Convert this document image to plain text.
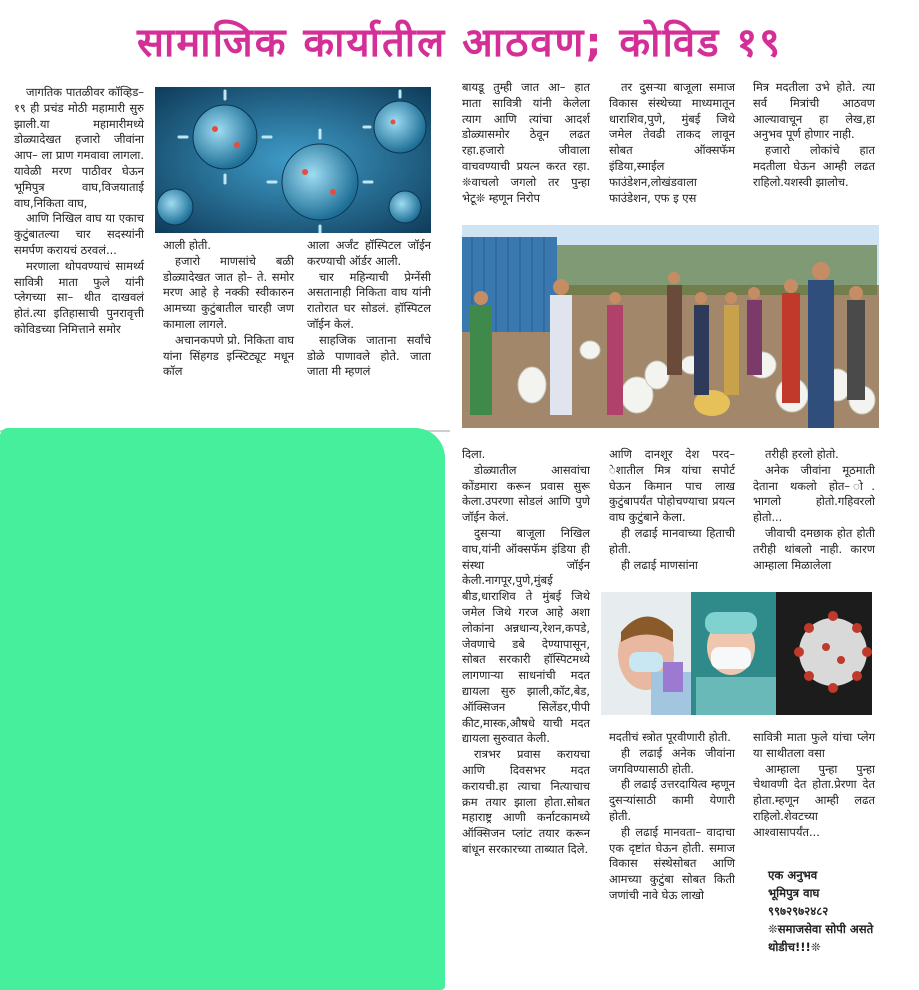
सामाजिक कार्यातील आठवण; कोविड १९

जागतिक पातळीवर कॉव्हिड–१९ ही प्रचंड मोठी महामारी सुरु झाली.या महामारीमध्ये डोळ्यादेखत हजारो जीवांना आप– ला प्राण गमवावा लागला. यावेळी मरण पाठीवर घेऊन भूमिपुत्र वाघ,विजयाताई वाघ,निकिता वाघ,

आणि निखिल वाघ या एकाच कुटुंबातल्या चार सदस्यांनी समर्पण करायचं ठरवलं...

मरणाला थोपवण्याचं सामर्थ्य सावित्री माता फुले यांनी प्लेगच्या सा– थीत दाखवलं होतं.त्या इतिहासाची पुनरावृत्ती कोविडच्या निमित्ताने समोर

आली होती.

हजारो माणसांचे बळी डोळ्यादेखत जात हो– ते. समोर मरण आहे हे नक्की स्वीकारुन आमच्या कुटुंबातील चारही जण कामाला लागले.

अचानकपणे प्रो. निकिता वाघ यांना सिंहगड इन्स्टिट्यूट मधून कॉल

आला अर्जंट हॉस्पिटल जॉईन करण्याची ऑर्डर आली.

चार महिन्याची प्रेग्नेंसी असतानाही निकिता वाघ यांनी रातोरात घर सोडलं. हॉस्पिटल जॉईन केलं.

साहजिक जाताना सर्वांचे डोळे पाणावले होते. जाता जाता मी म्हणलं

बायडू तुम्ही जात आ– हात माता सावित्री यांनी केलेला त्याग आणि त्यांचा आदर्श डोळ्यासमोर ठेवून लढत रहा.हजारो जीवाला वाचवण्याची प्रयत्न करत रहा. ❊वाचलो जगलो तर पुन्हा भेटू❊ म्हणून निरोप

तर दुसऱ्या बाजूला समाज विकास संस्थेच्या माध्यमातून धाराशिव,पुणे, मुंबई जिथे जमेल तेवढी ताकद लावून सोबत ऑक्सफॅम इंडिया,स्माईल फाउंडेशन,लोखंडवाला फाउंडेशन, एफ इ एस

मित्र मदतीला उभे होते. त्या सर्व मित्रांची आठवण आल्यावाचून हा लेख,हा अनुभव पूर्ण होणार नाही.

हजारो लोकांचे हात मदतीला घेऊन आम्ही लढत राहिलो.यशस्वी झालोच.

दिला.

डोळ्यातील आसवांचा कोंडमारा करून प्रवास सुरू केला.उपरणा सोडलं आणि पुणे जॉईन केलं.

दुसऱ्या बाजूला निखिल वाघ,यांनी ऑक्सफॅम इंडिया ही संस्था जॉईन केली.नागपूर,पुणे,मुंबई बीड,धाराशिव ते मुंबई जिथे जमेल जिथे गरज आहे अशा लोकांना अन्नधान्य,रेशन,कपडे, जेवणाचे डबे देण्यापासून, सोबत सरकारी हॉस्पिटमध्ये लागणाऱ्या साधनांची मदत द्यायला सुरु झाली,कॉट,बेड, ऑक्सिजन सिलेंडर,पीपी कीट,मास्क,औषधे याची मदत द्यायला सुरुवात केली.

रात्रभर प्रवास करायचा आणि दिवसभर मदत करायची.हा त्याचा नित्याचाच क्रम तयार झाला होता.सोबत महाराष्ट्र आणी कर्नाटकामध्ये ऑक्सिजन प्लांट तयार करून बांधून सरकारच्या ताब्यात दिले.

आणि दानशूर देश परद– ेशातील मित्र यांचा सपोर्ट घेऊन किमान पाच लाख कुटुंबापर्यंत पोहोचण्याचा प्रयत्न वाघ कुटुंबाने केला.

ही लढाई मानवाच्या हिताची होती.

ही लढाई माणसांना

तरीही हरलो होतो.

अनेक जीवांना मूठमाती देताना थकलो होत– ो. भागलो होतो.गहिवरलो होतो...

जीवाची दमछाक होत होती तरीही थांबलो नाही. कारण आम्हाला मिळालेला

मदतीचं स्त्रोत पूरवीणारी होती.

ही लढाई अनेक जीवांना जगविण्यासाठी होती.

ही लढाई उत्तरदायित्व म्हणून दुसऱ्यांसाठी कामी येणारी होती.

ही लढाई मानवता– वादाचा एक दृष्टांत घेऊन होती. समाज विकास संस्थेसोबत आणि आमच्या कुटुंबा सोबत किती जणांची नावे घेऊ लाखो

सावित्री माता फुले यांचा प्लेग या साथीतला वसा

आम्हाला पुन्हा पुन्हा चेथावणी देत होता.प्रेरणा देत होता.म्हणून आम्ही लढत राहिलो.शेवटच्या आश्वासापर्यंत...

एक अनुभव
भूमिपुत्र वाघ
९९७२९७२४८२
❊समाजसेवा सोपी असते थोडीच!!!❊
